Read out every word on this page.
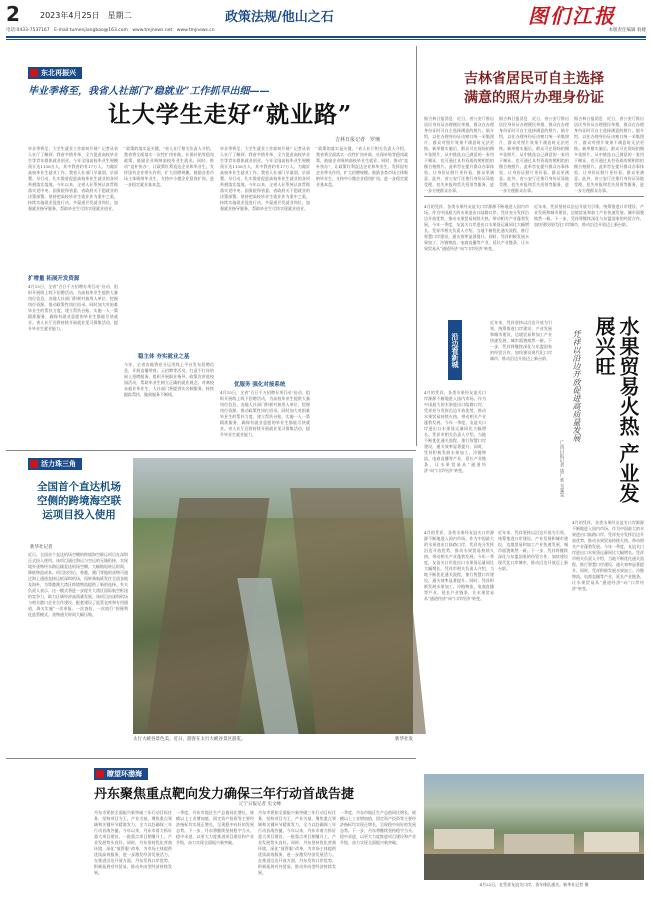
2	2023年4月25日　星期二	政策法规/他山之石	图们江报
电话:0433-7537167　E-mail:tumenjiangbao@163.com　www.tmjnews.net　www.tmjnews.cn	本版责任编辑 翁婕
东北再振兴
毕业季将至，我省人社部门“稳就业”工作抓早出细——
让大学生走好“就业路”
吉林日报记者　罗琬
毕业季将至，大学生就业工作如何开展？记者从省人社厅了解到，我省多措并举，全力促进高校毕业生等青年群体就业创业。今年全国高校毕业生规模预计达1158万人，其中我省约有17万人。为做好高校毕业生就业工作，我省人社部门早谋划、早部署、早行动，扎实推进促进高校毕业生就业的各项举措落实落地。今年以来，全省人社系统认真贯彻落实党中央、国务院和省委、省政府关于稳就业的决策部署，坚持把高校毕业生就业作为重中之重，持续实施就业促进行动，多渠道开发就业岗位，加强就业指导服务，帮助毕业生尽快实现就业创业。
扩增量 拓展开发资源
4月15日，全省“百日千万招聘专项行动”启动，组织开展线上线下招聘活动，为高校毕业生提供大量岗位信息。各地人社部门积极对接用人单位，挖掘岗位资源，推动政策性岗位招录。同时加大对困难毕业生的帮扶力度，建立帮扶台账，实施一人一策精准服务，确保有就业意愿的毕业生都能尽快就业。省人社厅还将持续开展就业见习募集活动，提升毕业生就业能力。
“政策的落实是关键。”省人社厅相关负责人介绍，我省将全面落实一次性扩岗补助、社保补贴等稳岗政策，鼓励企业吸纳高校毕业生就业。同时，推动“直补快办”，让政策红利直达企业和毕业生。发挥国有企业带头作用，扩大招聘规模。鼓励各类市场主体吸纳毕业生，支持中小微企业稳岗扩岗，进一步稳定就业基本盘。
稳主体 夯实就业之基
今年，全省各地将充分运用线上平台发布招聘信息，开展直播带岗、云招聘等活动，打造不打烊的网上招聘服务。组织开展职业指导、政策宣讲进校园活动，帮助毕业生树立正确的就业观念。对离校未就业毕业生，人社部门将提供实名制服务，持续跟踪帮扶，做到服务不断线。
毕业季将至，大学生就业工作如何开展？记者从省人社厅了解到，我省多措并举，全力促进高校毕业生等青年群体就业创业。今年全国高校毕业生规模预计达1158万人，其中我省约有17万人。为做好高校毕业生就业工作，我省人社部门早谋划、早部署、早行动，扎实推进促进高校毕业生就业的各项举措落实落地。今年以来，全省人社系统认真贯彻落实党中央、国务院和省委、省政府关于稳就业的决策部署，坚持把高校毕业生就业作为重中之重，持续实施就业促进行动，多渠道开发就业岗位，加强就业指导服务，帮助毕业生尽快实现就业创业。
优服务 强化对接系统
4月15日，全省“百日千万招聘专项行动”启动，组织开展线上线下招聘活动，为高校毕业生提供大量岗位信息。各地人社部门积极对接用人单位，挖掘岗位资源，推动政策性岗位招录。同时加大对困难毕业生的帮扶力度，建立帮扶台账，实施一人一策精准服务，确保有就业意愿的毕业生都能尽快就业。省人社厅还将持续开展就业见习募集活动，提升毕业生就业能力。
“政策的落实是关键。”省人社厅相关负责人介绍，我省将全面落实一次性扩岗补助、社保补贴等稳岗政策，鼓励企业吸纳高校毕业生就业。同时，推动“直补快办”，让政策红利直达企业和毕业生。发挥国有企业带头作用，扩大招聘规模。鼓励各类市场主体吸纳毕业生，支持中小微企业稳岗扩岗，进一步稳定就业基本盘。
吉林省居民可自主选择
满意的照片办理身份证
据吉林日报消息　近日，省公安厅推出居民身份证办理便民举措，群众在办理身份证时可自主选择满意的照片。据介绍，以往办理身份证由窗口统一采集照片，群众对照片效果不满意时无法更换。新举措实施后，群众可在现场拍摄多张照片，从中挑选自己满意的一张用于制证，也可通过具有资质的照相馆拍摄合格照片。此举旨在提升群众办事体验，让身份证照片更好看、群众更满意。此外，省公安厅还推行身份证异地受理、挂失申报和丢失招领等服务，进一步方便群众办事。
据吉林日报消息　近日，省公安厅推出居民身份证办理便民举措，群众在办理身份证时可自主选择满意的照片。据介绍，以往办理身份证由窗口统一采集照片，群众对照片效果不满意时无法更换。新举措实施后，群众可在现场拍摄多张照片，从中挑选自己满意的一张用于制证，也可通过具有资质的照相馆拍摄合格照片。此举旨在提升群众办事体验，让身份证照片更好看、群众更满意。此外，省公安厅还推行身份证异地受理、挂失申报和丢失招领等服务，进一步方便群众办事。
据吉林日报消息　近日，省公安厅推出居民身份证办理便民举措，群众在办理身份证时可自主选择满意的照片。据介绍，以往办理身份证由窗口统一采集照片，群众对照片效果不满意时无法更换。新举措实施后，群众可在现场拍摄多张照片，从中挑选自己满意的一张用于制证，也可通过具有资质的照相馆拍摄合格照片。此举旨在提升群众办事体验，让身份证照片更好看、群众更满意。此外，省公安厅还推行身份证异地受理、挂失申报和丢失招领等服务，进一步方便群众办事。
4月的凭祥，各类水果经友谊关口岸源源不断地进入国内市场。作为中国最大的水果进出口陆路口岸，凭祥充分发挥沿边开放优势，推动水果贸易持续火热，带动相关产业蓬勃发展。今年一季度，友谊关口岸进出口水果货运量同比大幅增长。凭祥市相关负责人介绍，当地不断优化通关流程，推行智慧口岸建设，通关效率显著提升。同时，凭祥积极发展水果加工、冷链物流、电商直播等产业，延长产业链条，让水果贸易从“通道经济”向“口岸经济”转变。
近年来，凭祥坚持以沿边开放为引领，统筹推进口岸建设、产业发展和城市建设，边境贸易和加工产业快速发展，城市面貌焕然一新。下一步，凭祥将继续深化与东盟国家的经贸合作，加快建设现代化口岸城市，推动沿边开放迈上新台阶。
沿边看新城	水果贸易火热 产业发展兴旺
凭祥以沿边开放促进高质量发展
广西日报记者 唐广欢 韦霁雯
4月的凭祥，各类水果经友谊关口岸源源不断地进入国内市场。作为中国最大的水果进出口陆路口岸，凭祥充分发挥沿边开放优势，推动水果贸易持续火热，带动相关产业蓬勃发展。今年一季度，友谊关口岸进出口水果货运量同比大幅增长。凭祥市相关负责人介绍，当地不断优化通关流程，推行智慧口岸建设，通关效率显著提升。同时，凭祥积极发展水果加工、冷链物流、电商直播等产业，延长产业链条，让水果贸易从“通道经济”向“口岸经济”转变。
近年来，凭祥坚持以沿边开放为引领，统筹推进口岸建设、产业发展和城市建设，边境贸易和加工产业快速发展，城市面貌焕然一新。下一步，凭祥将继续深化与东盟国家的经贸合作，加快建设现代化口岸城市，推动沿边开放迈上新台阶。
4月的凭祥，各类水果经友谊关口岸源源不断地进入国内市场。作为中国最大的水果进出口陆路口岸，凭祥充分发挥沿边开放优势，推动水果贸易持续火热，带动相关产业蓬勃发展。今年一季度，友谊关口岸进出口水果货运量同比大幅增长。凭祥市相关负责人介绍，当地不断优化通关流程，推行智慧口岸建设，通关效率显著提升。同时，凭祥积极发展水果加工、冷链物流、电商直播等产业，延长产业链条，让水果贸易从“通道经济”向“口岸经济”转变。
近年来，凭祥坚持以沿边开放为引领，统筹推进口岸建设、产业发展和城市建设，边境贸易和加工产业快速发展，城市面貌焕然一新。下一步，凭祥将继续深化与东盟国家的经贸合作，加快建设现代化口岸城市，推动沿边开放迈上新台阶。
4月的凭祥，各类水果经友谊关口岸源源不断地进入国内市场。作为中国最大的水果进出口陆路口岸，凭祥充分发挥沿边开放优势，推动水果贸易持续火热，带动相关产业蓬勃发展。今年一季度，友谊关口岸进出口水果货运量同比大幅增长。凭祥市相关负责人介绍，当地不断优化通关流程，推行智慧口岸建设，通关效率显著提升。同时，凭祥积极发展水果加工、冷链物流、电商直播等产业，延长产业链条，让水果贸易从“通道经济”向“口岸经济”转变。
4月22日，在凭祥友谊关口岸，货车排队通关。新华社记者 摄
活力珠三角
全国首个直达机场空侧的跨境海空联运项目投入使用
新华社记者
近日，全国首个直达机场空侧的跨境海空联运项目在深圳正式投入使用。该项目通过海运与空运的无缝衔接，实现境外货物经水路运输直达机场空侧，大幅缩短转运时间，降低物流成本。项目投用后，香港、澳门等地的货物可通过海上通道直接运抵深圳机场，再转乘航班发往全国各地及海外，为粤港澳大湾区跨境物流提供了新的选择。有关负责人表示，这一模式将进一步提升大湾区国际航空枢纽的竞争力，助力区域经济高质量发展。该项目由深圳机场与相关港口企业合作建设，配套建设了监管仓库和专用通道，海关实施“一次申报、一次查验、一次放行”的便利化监管模式，货物通关时间大幅压缩。
太行大峡谷景色美。近日，游客在太行大峡谷景区游览。	新华社发
瞭望环渤海
丹东聚焦重点靶向发力确保三年行动首战告捷
辽宁日报记者 史文峰
丹东市紧扣全面振兴新突破三年行动目标任务，坚持项目为王、产业为基，聚焦重点领域和关键环节精准发力，全力以赴确保三年行动首战告捷。今年以来，丹东市着力抓好重大项目建设，一批重点项目相继开工，产业发展势头良好。同时，丹东坚持优化营商环境，深化“放管服”改革，为市场主体提供优质高效服务，进一步激发经济发展活力。在推进沿边开放方面，丹东发挥口岸优势，积极拓展对外贸易，推动外向型经济持续发展。
一季度，丹东市地区生产总值同比增长，规模以上工业增加值、固定资产投资等主要经济指标均实现正增长，呈现稳中向好的发展态势。下一步，丹东将继续坚持稳字当头、稳中求进，以更大力度推进项目建设和产业升级，奋力实现全面振兴新突破。
丹东市紧扣全面振兴新突破三年行动目标任务，坚持项目为王、产业为基，聚焦重点领域和关键环节精准发力，全力以赴确保三年行动首战告捷。今年以来，丹东市着力抓好重大项目建设，一批重点项目相继开工，产业发展势头良好。同时，丹东坚持优化营商环境，深化“放管服”改革，为市场主体提供优质高效服务，进一步激发经济发展活力。在推进沿边开放方面，丹东发挥口岸优势，积极拓展对外贸易，推动外向型经济持续发展。
一季度，丹东市地区生产总值同比增长，规模以上工业增加值、固定资产投资等主要经济指标均实现正增长，呈现稳中向好的发展态势。下一步，丹东将继续坚持稳字当头、稳中求进，以更大力度推进项目建设和产业升级，奋力实现全面振兴新突破。
